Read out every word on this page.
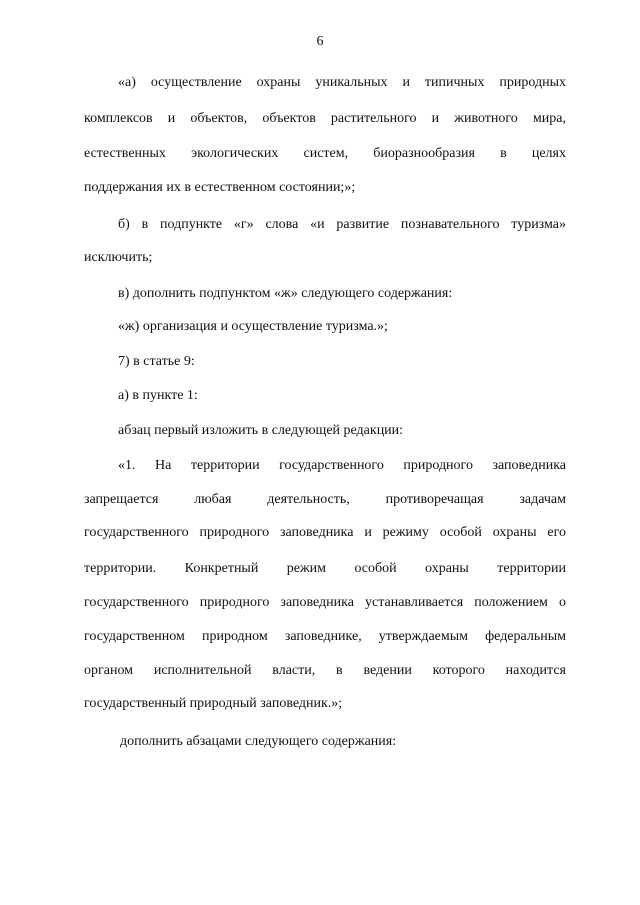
6
«а) осуществление охраны уникальных и типичных природных
комплексов и объектов, объектов растительного и животного мира,
естественных экологических систем, биоразнообразия в целях
поддержания их в естественном состоянии;»;
б) в подпункте «г» слова «и развитие познавательного туризма»
исключить;
в) дополнить подпунктом «ж» следующего содержания:
«ж) организация и осуществление туризма.»;
7) в статье 9:
а) в пункте 1:
абзац первый изложить в следующей редакции:
«1. На территории государственного природного заповедника
запрещается любая деятельность, противоречащая задачам
государственного природного заповедника и режиму особой охраны его
территории. Конкретный режим особой охраны территории
государственного природного заповедника устанавливается положением о
государственном природном заповеднике, утверждаемым федеральным
органом исполнительной власти, в ведении которого находится
государственный природный заповедник.»;
дополнить абзацами следующего содержания:
